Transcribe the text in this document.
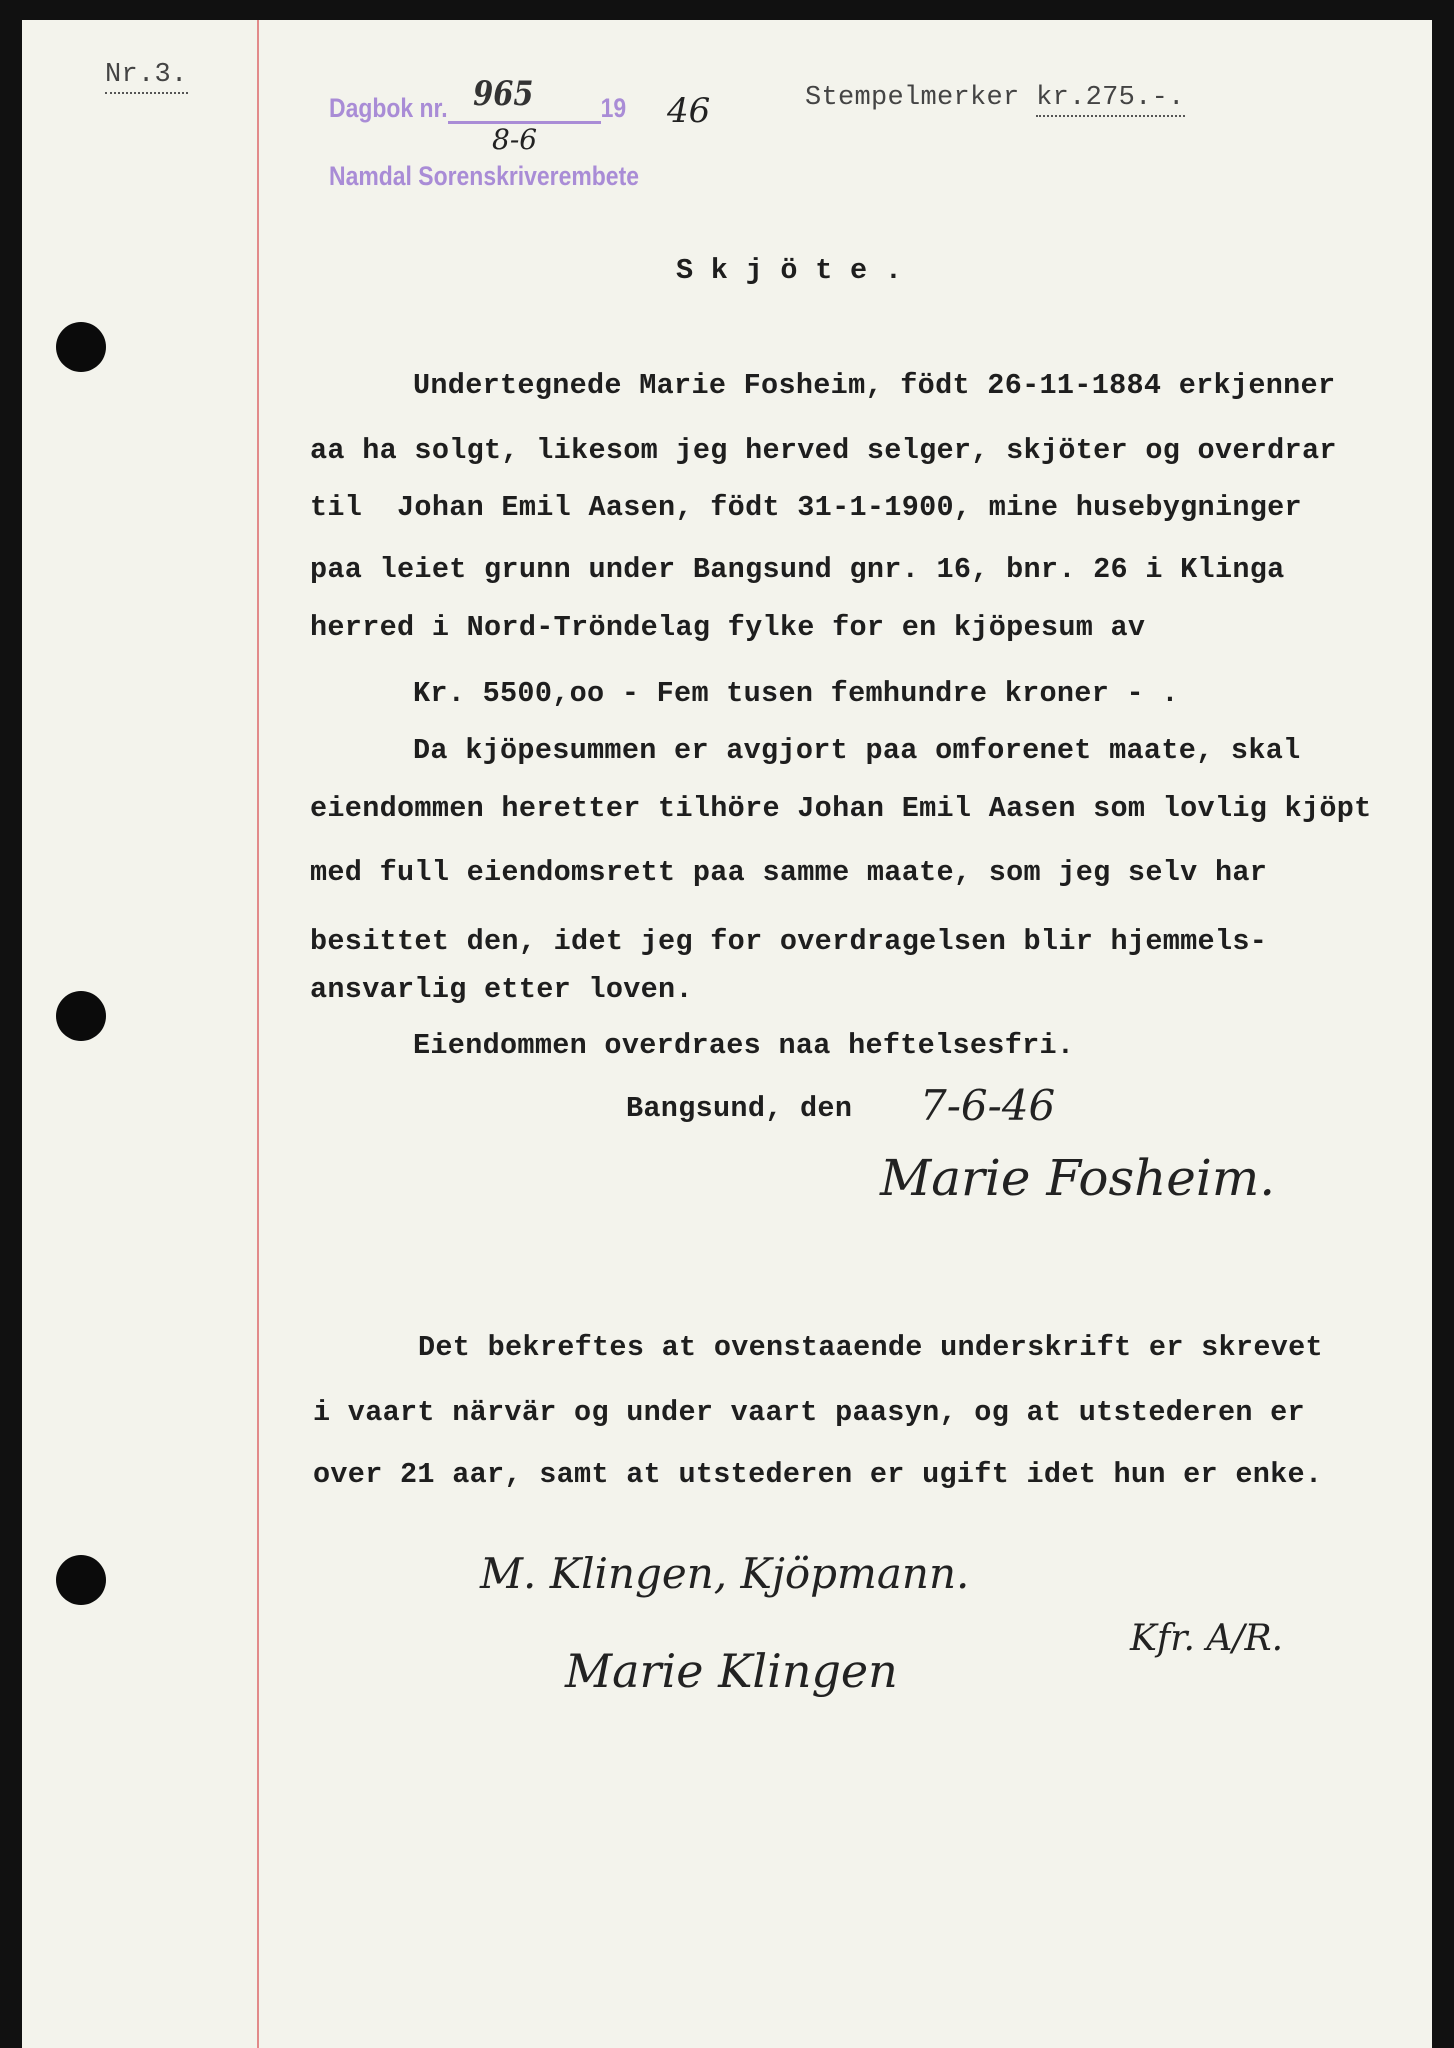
Nr.3.
Dagbok nr. 965 19 46
8-6
Namdal Sorenskriverembete
Stempelmerker kr.275.-.
S k j ö t e .
Undertegnede Marie Fosheim, födt 26-11-1884 erkjenner
aa ha solgt, likesom jeg herved selger, skjöter og overdrar
til  Johan Emil Aasen, födt 31-1-1900, mine husebygninger
paa leiet grunn under Bangsund gnr. 16, bnr. 26 i Klinga
herred i Nord-Tröndelag fylke for en kjöpesum av
Kr. 5500,oo - Fem tusen femhundre kroner - .
Da kjöpesummen er avgjort paa omforenet maate, skal
eiendommen heretter tilhöre Johan Emil Aasen som lovlig kjöpt
med full eiendomsrett paa samme maate, som jeg selv har
besittet den, idet jeg for overdragelsen blir hjemmels-
ansvarlig etter loven.
Eiendommen overdraes naa heftelsesfri.
Bangsund, den 7-6-46
Marie Fosheim.
Det bekreftes at ovenstaaende underskrift er skrevet
i vaart närvär og under vaart paasyn, og at utstederen er
over 21 aar, samt at utstederen er ugift idet hun er enke.
M. Klingen, Kjöpmann.
Marie Klingen
Kfr. A/R.
